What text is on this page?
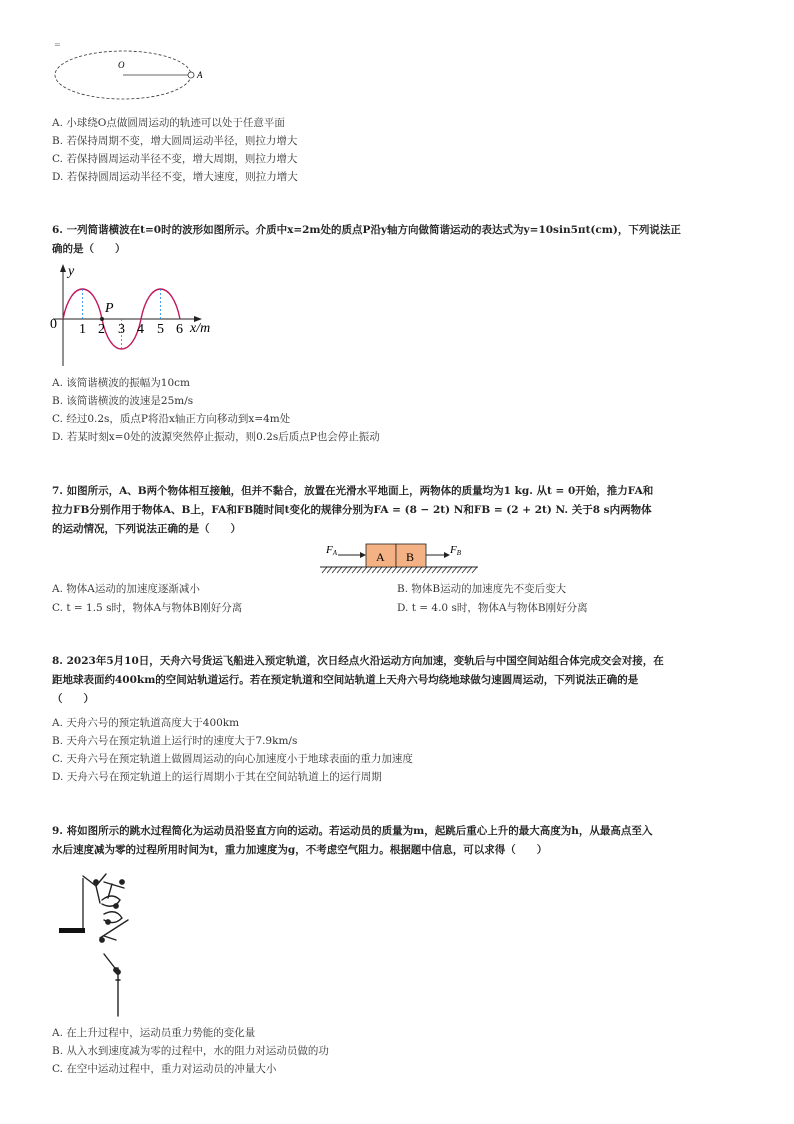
=
O
A
A. 小球绕O点做圆周运动的轨迹可以处于任意平面
B. 若保持周期不变，增大圆周运动半径，则拉力增大
C. 若保持圆周运动半径不变，增大周期，则拉力增大
D. 若保持圆周运动半径不变，增大速度，则拉力增大
6. 一列简谐横波在t=0时的波形如图所示。介质中x=2m处的质点P沿y轴方向做简谐运动的表达式为y=10sin5πt(cm)，下列说法正
确的是（　　）
P
y
0 1 2 3 4 5 6 x/m
A. 该简谐横波的振幅为10cm
B. 该简谐横波的波速是25m/s
C. 经过0.2s，质点P将沿x轴正方向移动到x=4m处
D. 若某时刻x=0处的波源突然停止振动，则0.2s后质点P也会停止振动
7. 如图所示，A、B两个物体相互接触，但并不黏合，放置在光滑水平地面上，两物体的质量均为1 kg. 从t = 0开始，推力FA和
拉力FB分别作用于物体A、B上，FA和FB随时间t变化的规律分别为FA = (8 − 2t) N和FB = (2 + 2t) N. 关于8 s内两物体
的运动情况，下列说法正确的是（　　）
A B
FA	FB
A. 物体A运动的加速度逐渐减小	B. 物体B运动的加速度先不变后变大
C. t = 1.5 s时，物体A与物体B刚好分离	D. t = 4.0 s时，物体A与物体B刚好分离
8. 2023年5月10日，天舟六号货运飞船进入预定轨道，次日经点火沿运动方向加速，变轨后与中国空间站组合体完成交会对接，在
距地球表面约400km的空间站轨道运行。若在预定轨道和空间站轨道上天舟六号均绕地球做匀速圆周运动，下列说法正确的是
（　　）
A. 天舟六号的预定轨道高度大于400km
B. 天舟六号在预定轨道上运行时的速度大于7.9km/s
C. 天舟六号在预定轨道上做圆周运动的向心加速度小于地球表面的重力加速度
D. 天舟六号在预定轨道上的运行周期小于其在空间站轨道上的运行周期
9. 将如图所示的跳水过程简化为运动员沿竖直方向的运动。若运动员的质量为m，起跳后重心上升的最大高度为h，从最高点至入
水后速度减为零的过程所用时间为t，重力加速度为g，不考虑空气阻力。根据题中信息，可以求得（　　）
A. 在上升过程中，运动员重力势能的变化量
B. 从入水到速度减为零的过程中，水的阻力对运动员做的功
C. 在空中运动过程中，重力对运动员的冲量大小
